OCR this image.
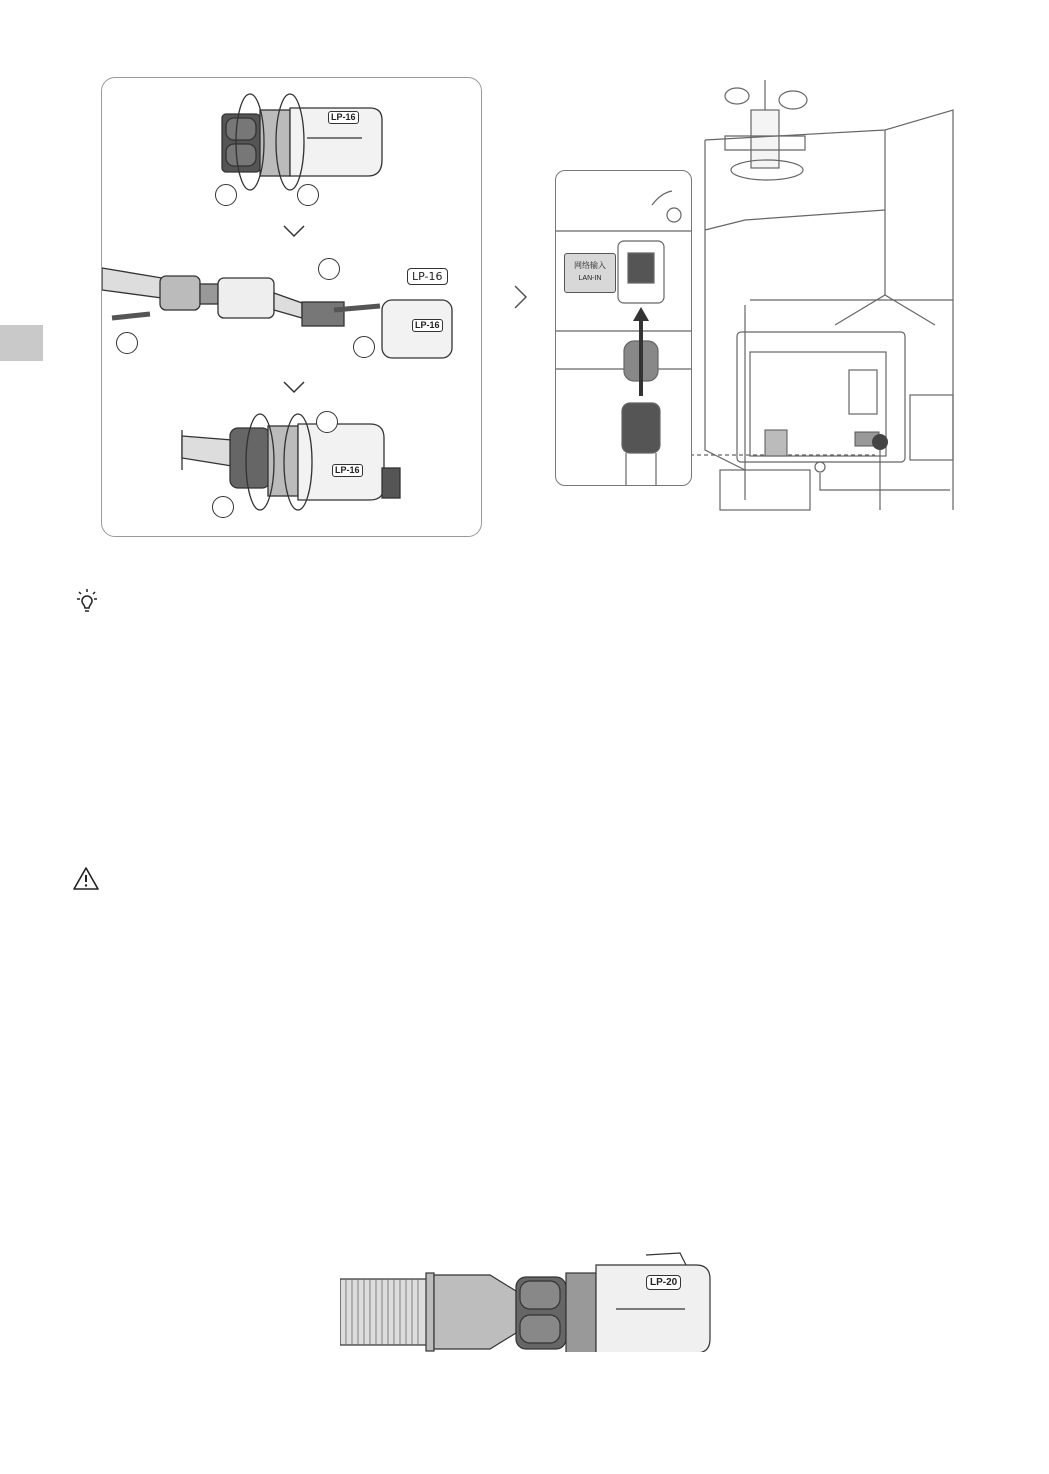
LP-16
LP-16
LP-16
LP-16
网络输入
LAN-IN
LP-20
